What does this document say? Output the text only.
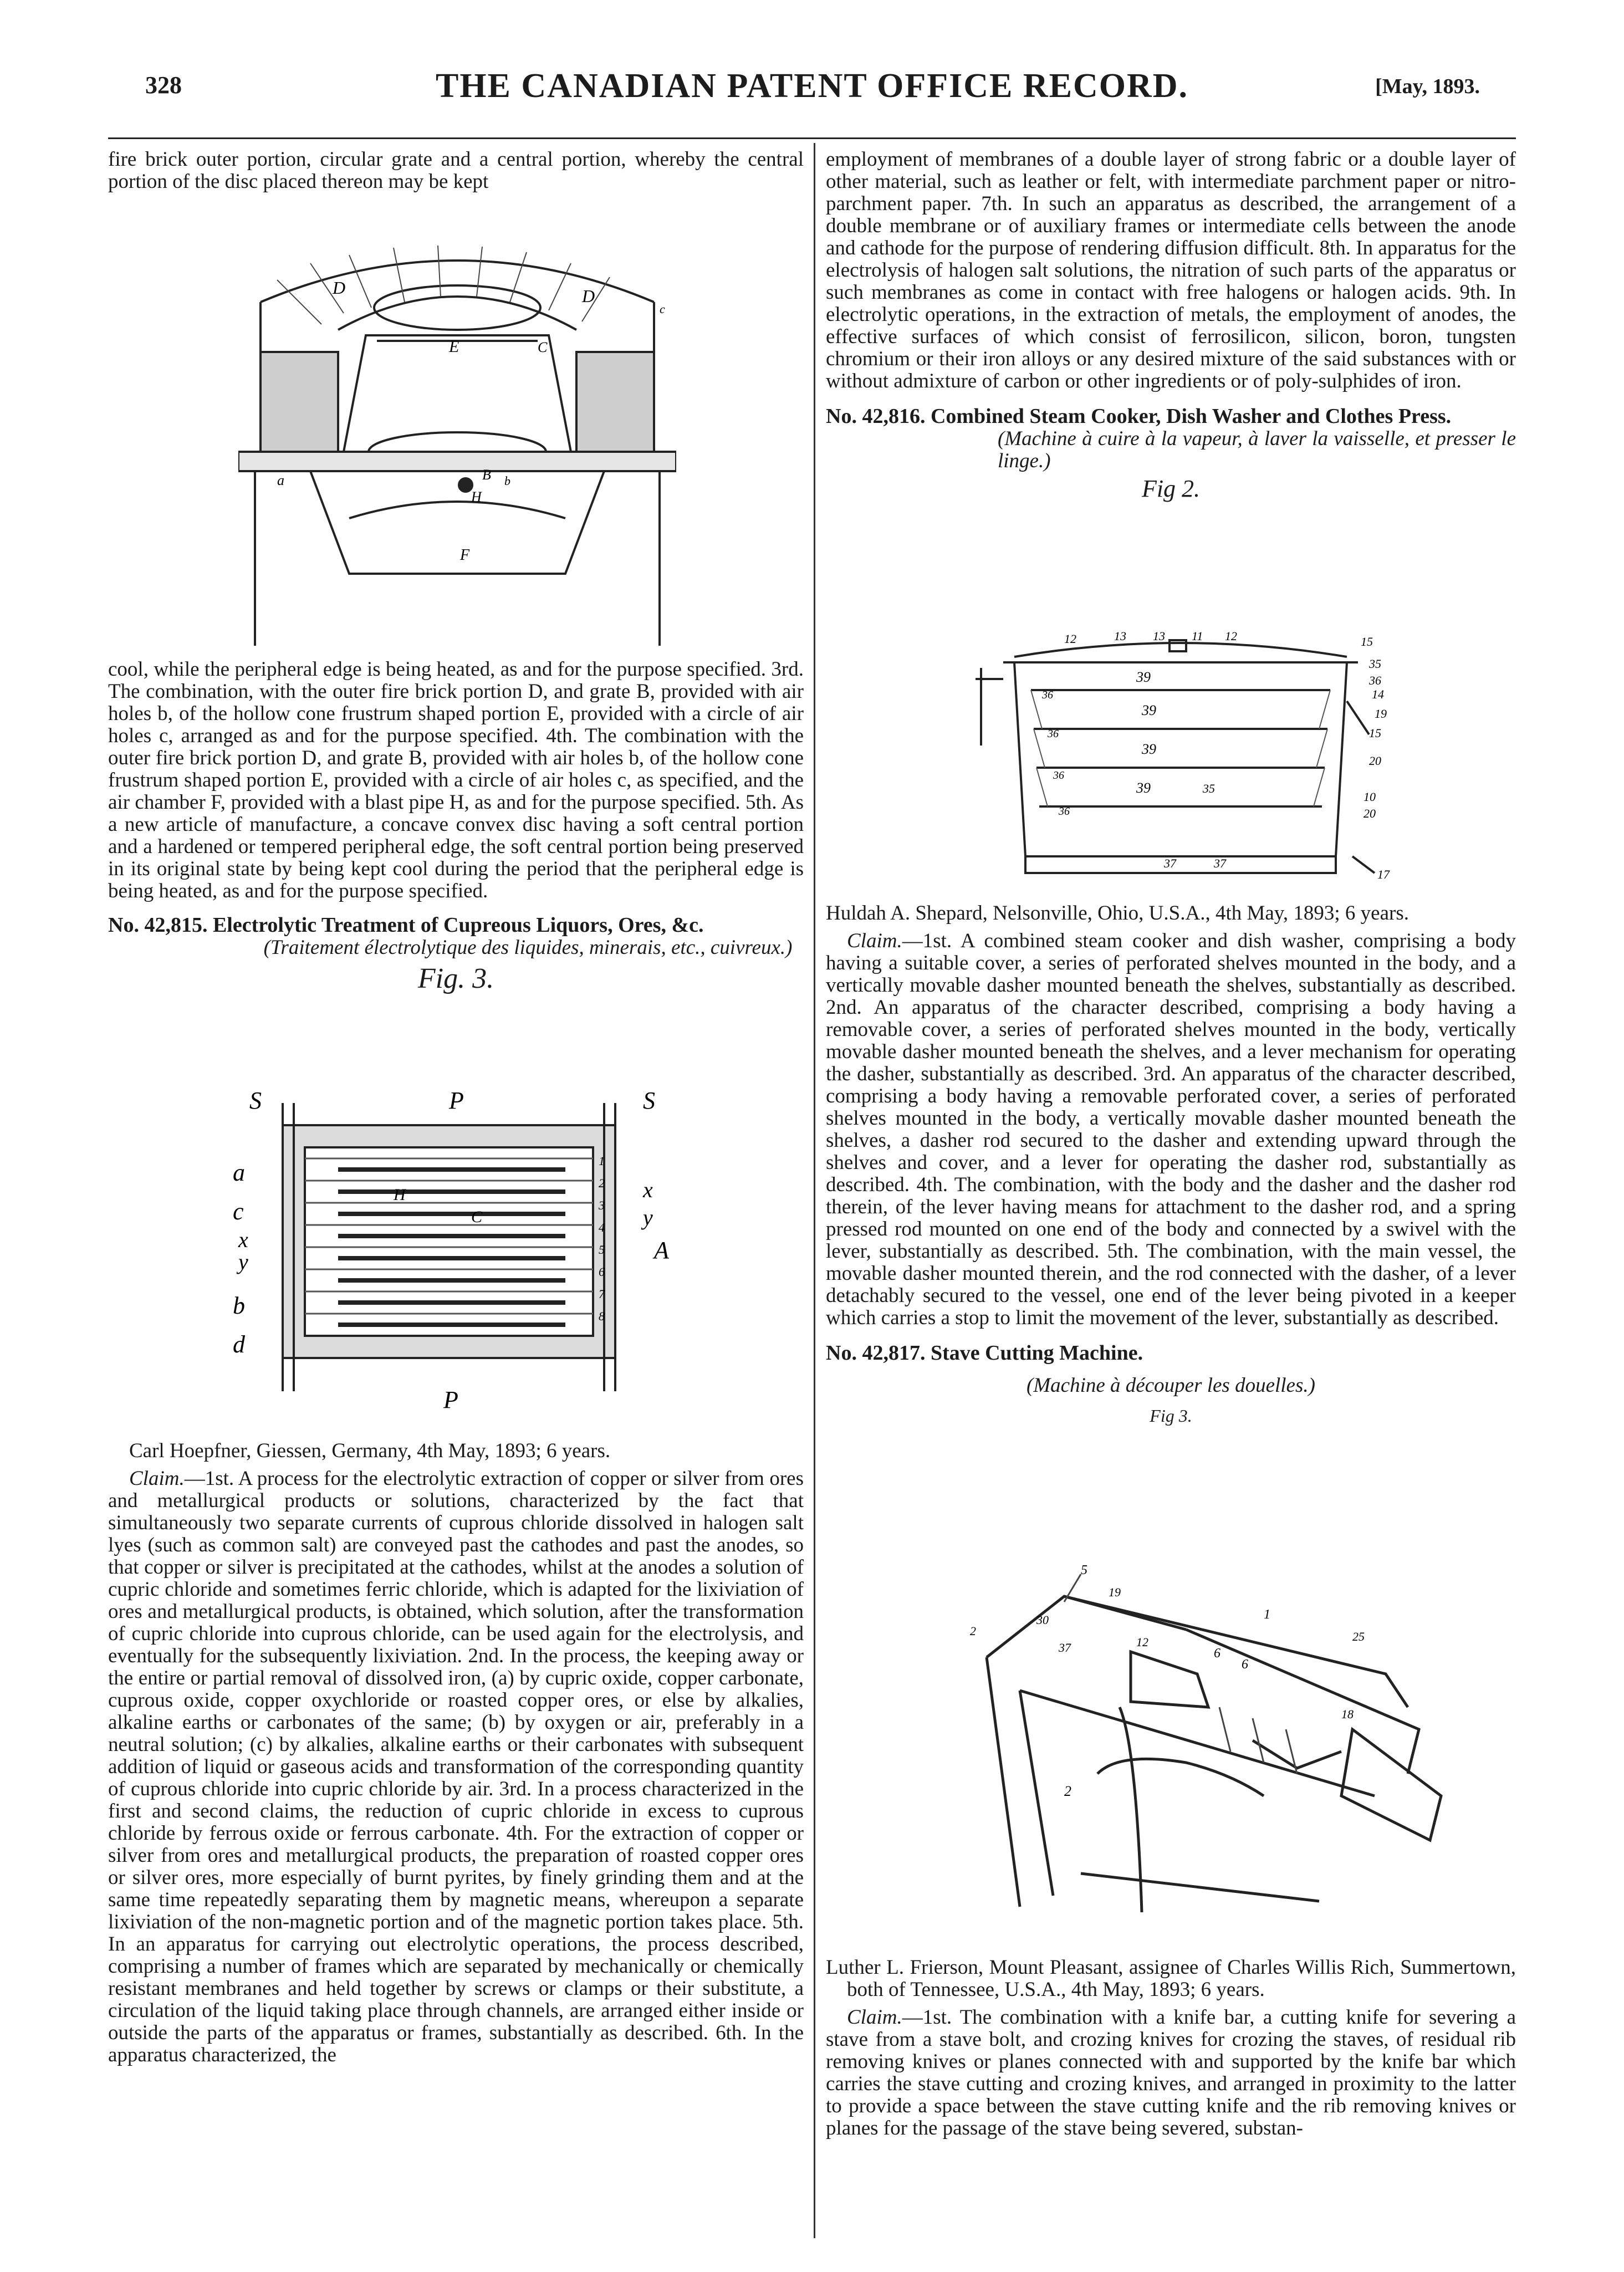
328	THE CANADIAN PATENT OFFICE RECORD.	[May, 1893.

fire brick outer portion, circular grate and a central portion, whereby the central portion of the disc placed thereon may be kept

D	D
E	C
a	B b
H
F
c

cool, while the peripheral edge is being heated, as and for the purpose specified. 3rd. The combination, with the outer fire brick portion D, and grate B, provided with air holes b, of the hollow cone frustrum shaped portion E, provided with a circle of air holes c, arranged as and for the purpose specified. 4th. The combination with the outer fire brick portion D, and grate B, provided with air holes b, of the hollow cone frustrum shaped portion E, provided with a circle of air holes c, as specified, and the air chamber F, provided with a blast pipe H, as and for the purpose specified. 5th. As a new article of manufacture, a concave convex disc having a soft central portion and a hardened or tempered peripheral edge, the soft central portion being preserved in its original state by being kept cool during the period that the peripheral edge is being heated, as and for the purpose specified.

No. 42,815. Electrolytic Treatment of Cupreous Liquors, Ores, &c.

(Traitement électrolytique des liquides, minerais, etc., cuivreux.)

Fig. 3.

S	P	S
a
x
c	y
x	A
y
b
d
P
H
C
1
2
3
4
5
6
7
8

Carl Hoepfner, Giessen, Germany, 4th May, 1893; 6 years.

Claim.—1st. A process for the electrolytic extraction of copper or silver from ores and metallurgical products or solutions, characterized by the fact that simultaneously two separate currents of cuprous chloride dissolved in halogen salt lyes (such as common salt) are conveyed past the cathodes and past the anodes, so that copper or silver is precipitated at the cathodes, whilst at the anodes a solution of cupric chloride and sometimes ferric chloride, which is adapted for the lixiviation of ores and metallurgical products, is obtained, which solution, after the transformation of cupric chloride into cuprous chloride, can be used again for the electrolysis, and eventually for the subsequently lixiviation. 2nd. In the process, the keeping away or the entire or partial removal of dissolved iron, (a) by cupric oxide, copper carbonate, cuprous oxide, copper oxychloride or roasted copper ores, or else by alkalies, alkaline earths or carbonates of the same; (b) by oxygen or air, preferably in a neutral solution; (c) by alkalies, alkaline earths or their carbonates with subsequent addition of liquid or gaseous acids and transformation of the corresponding quantity of cuprous chloride into cupric chloride by air. 3rd. In a process characterized in the first and second claims, the reduction of cupric chloride in excess to cuprous chloride by ferrous oxide or ferrous carbonate. 4th. For the extraction of copper or silver from ores and metallurgical products, the preparation of roasted copper ores or silver ores, more especially of burnt pyrites, by finely grinding them and at the same time repeatedly separating them by magnetic means, whereupon a separate lixiviation of the non-magnetic portion and of the magnetic portion takes place. 5th. In an apparatus for carrying out electrolytic operations, the process described, comprising a number of frames which are separated by mechanically or chemically resistant membranes and held together by screws or clamps or their substitute, a circulation of the liquid taking place through channels, are arranged either inside or outside the parts of the apparatus or frames, substantially as described. 6th. In the apparatus characterized, the

employment of membranes of a double layer of strong fabric or a double layer of other material, such as leather or felt, with intermediate parchment paper or nitro-parchment paper. 7th. In such an apparatus as described, the arrangement of a double membrane or of auxiliary frames or intermediate cells between the anode and cathode for the purpose of rendering diffusion difficult. 8th. In apparatus for the electrolysis of halogen salt solutions, the nitration of such parts of the apparatus or such membranes as come in contact with free halogens or halogen acids. 9th. In electrolytic operations, in the extraction of metals, the employment of anodes, the effective surfaces of which consist of ferrosilicon, silicon, boron, tungsten chromium or their iron alloys or any desired mixture of the said substances with or without admixture of carbon or other ingredients or of poly-sulphides of iron.

No. 42,816. Combined Steam Cooker, Dish Washer and Clothes Press.

(Machine à cuire à la vapeur, à laver la vaisselle, et presser le linge.)

Fig 2.

12	13 13 11 12	15
35
36
14
19
15
20
10
20
17
39
39
39
39	35
36
36
36
36
37	37

Huldah A. Shepard, Nelsonville, Ohio, U.S.A., 4th May, 1893; 6 years.

Claim.—1st. A combined steam cooker and dish washer, comprising a body having a suitable cover, a series of perforated shelves mounted in the body, and a vertically movable dasher mounted beneath the shelves, substantially as described. 2nd. An apparatus of the character described, comprising a body having a removable cover, a series of perforated shelves mounted in the body, vertically movable dasher mounted beneath the shelves, and a lever mechanism for operating the dasher, substantially as described. 3rd. An apparatus of the character described, comprising a body having a removable perforated cover, a series of perforated shelves mounted in the body, a vertically movable dasher mounted beneath the shelves, a dasher rod secured to the dasher and extending upward through the shelves and cover, and a lever for operating the dasher rod, substantially as described. 4th. The combination, with the body and the dasher and the dasher rod therein, of the lever having means for attachment to the dasher rod, and a spring pressed rod mounted on one end of the body and connected by a swivel with the lever, substantially as described. 5th. The combination, with the main vessel, the movable dasher mounted therein, and the rod connected with the dasher, of a lever detachably secured to the vessel, one end of the lever being pivoted in a keeper which carries a stop to limit the movement of the lever, substantially as described.

No. 42,817. Stave Cutting Machine.

(Machine à découper les douelles.)

Fig 3.

5
19
30
37
1
25
2
12
6
6
18
2

Luther L. Frierson, Mount Pleasant, assignee of Charles Willis Rich, Summertown, both of Tennessee, U.S.A., 4th May, 1893; 6 years.

Claim.—1st. The combination with a knife bar, a cutting knife for severing a stave from a stave bolt, and crozing knives for crozing the staves, of residual rib removing knives or planes connected with and supported by the knife bar which carries the stave cutting and crozing knives, and arranged in proximity to the latter to provide a space between the stave cutting knife and the rib removing knives or planes for the passage of the stave being severed, substan-
